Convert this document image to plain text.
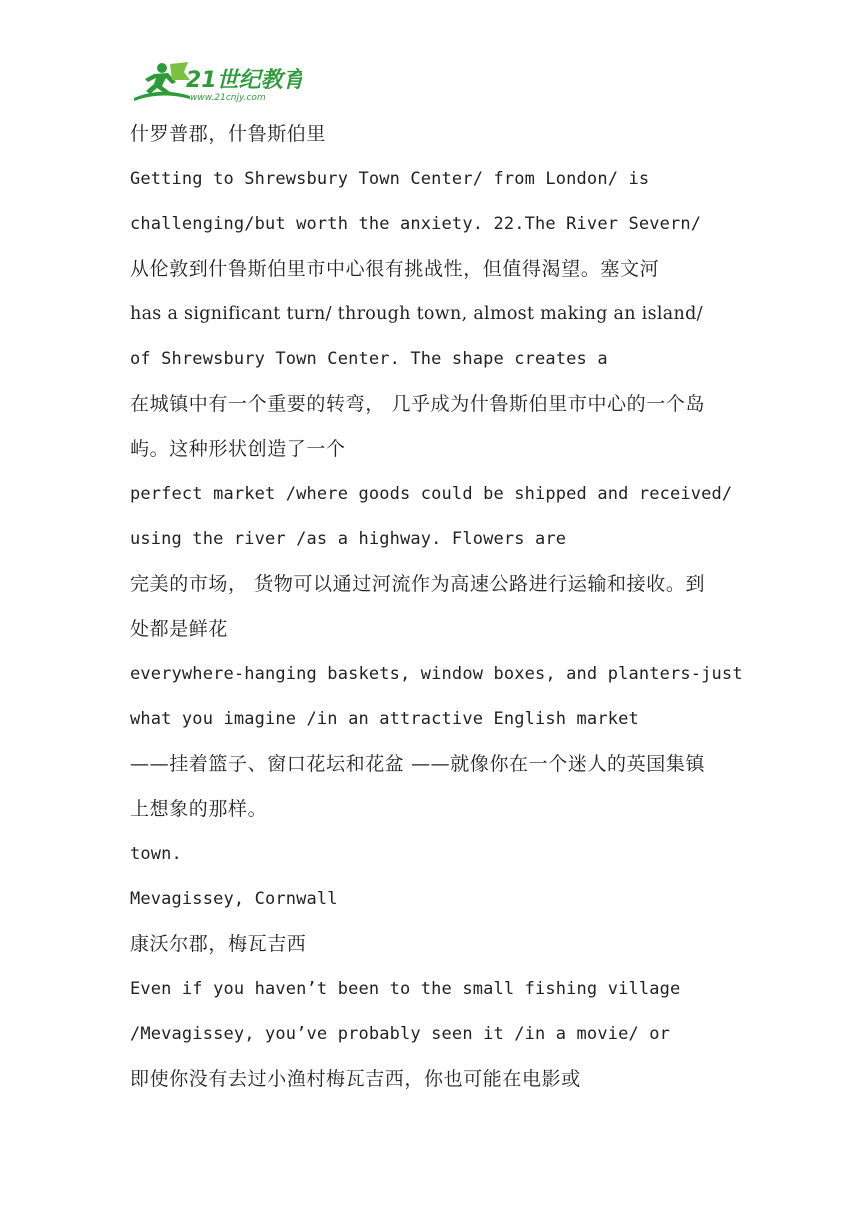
21世纪教育
www.21cnjy.com
什罗普郡，什鲁斯伯里
Getting to Shrewsbury Town Center/ from London/ is
challenging/but worth the anxiety. 22.The River Severn/
从伦敦到什鲁斯伯里市中心很有挑战性，但值得渴望。塞文河
has a significant turn/ through town, almost making an island/
of Shrewsbury Town Center. The shape creates a
在城镇中有一个重要的转弯， 几乎成为什鲁斯伯里市中心的一个岛
屿。这种形状创造了一个
perfect market /where goods could be shipped and received/
using the river /as a highway. Flowers are
完美的市场， 货物可以通过河流作为高速公路进行运输和接收。到
处都是鲜花
everywhere-hanging baskets, window boxes, and planters-just
what you imagine /in an attractive English market
——挂着篮子、窗口花坛和花盆 ——就像你在一个迷人的英国集镇
上想象的那样。
town.
Mevagissey, Cornwall
康沃尔郡，梅瓦吉西
Even if you haven’t been to the small fishing village
/Mevagissey, you’ve probably seen it /in a movie/ or
即使你没有去过小渔村梅瓦吉西，你也可能在电影或
